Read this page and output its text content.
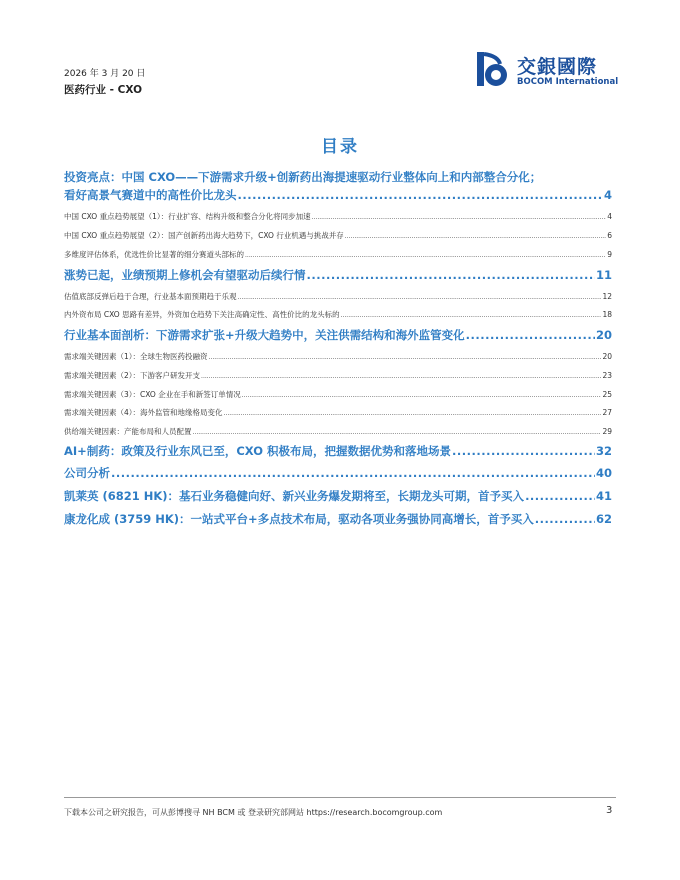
2026 年 3 月 20 日
医药行业 - CXO
交銀國際
BOCOM International
目录
投资亮点：中国 CXO——下游需求升级+创新药出海提速驱动行业整体向上和内部整合分化；
看好高景气赛道中的高性价比龙头 .....	4
中国 CXO 重点趋势展望（1）：行业扩容、结构升级和整合分化将同步加速 .....	4
中国 CXO 重点趋势展望（2）：国产创新药出海大趋势下，CXO 行业机遇与挑战并存 .....	6
多维度评估体系，优选性价比显著的细分赛道头部标的 .....	9
涨势已起，业绩预期上修机会有望驱动后续行情 .....	11
估值底部反弹后趋于合理，行业基本面预期趋于乐观 .....	12
内外资布局 CXO 思路有差异，外资加仓趋势下关注高确定性、高性价比的龙头标的 .....	18
行业基本面剖析：下游需求扩张+升级大趋势中，关注供需结构和海外监管变化 .....	20
需求端关键因素（1）：全球生物医药投融资 .....	20
需求端关键因素（2）：下游客户研发开支 .....	23
需求端关键因素（3）：CXO 企业在手和新签订单情况 .....	25
需求端关键因素（4）：海外监管和地缘格局变化 .....	27
供给端关键因素：产能布局和人员配置 .....	29
AI+制药：政策及行业东风已至，CXO 积极布局，把握数据优势和落地场景 .....	32
公司分析 .....	40
凯莱英 (6821 HK)：基石业务稳健向好、新兴业务爆发期将至，长期龙头可期，首予买入 .....	41
康龙化成 (3759 HK)：一站式平台+多点技术布局，驱动各项业务强协同高增长，首予买入 .....	62
下载本公司之研究报告，可从彭博搜寻 NH BCM 或 登录研究部网站 https://research.bocomgroup.com	3
